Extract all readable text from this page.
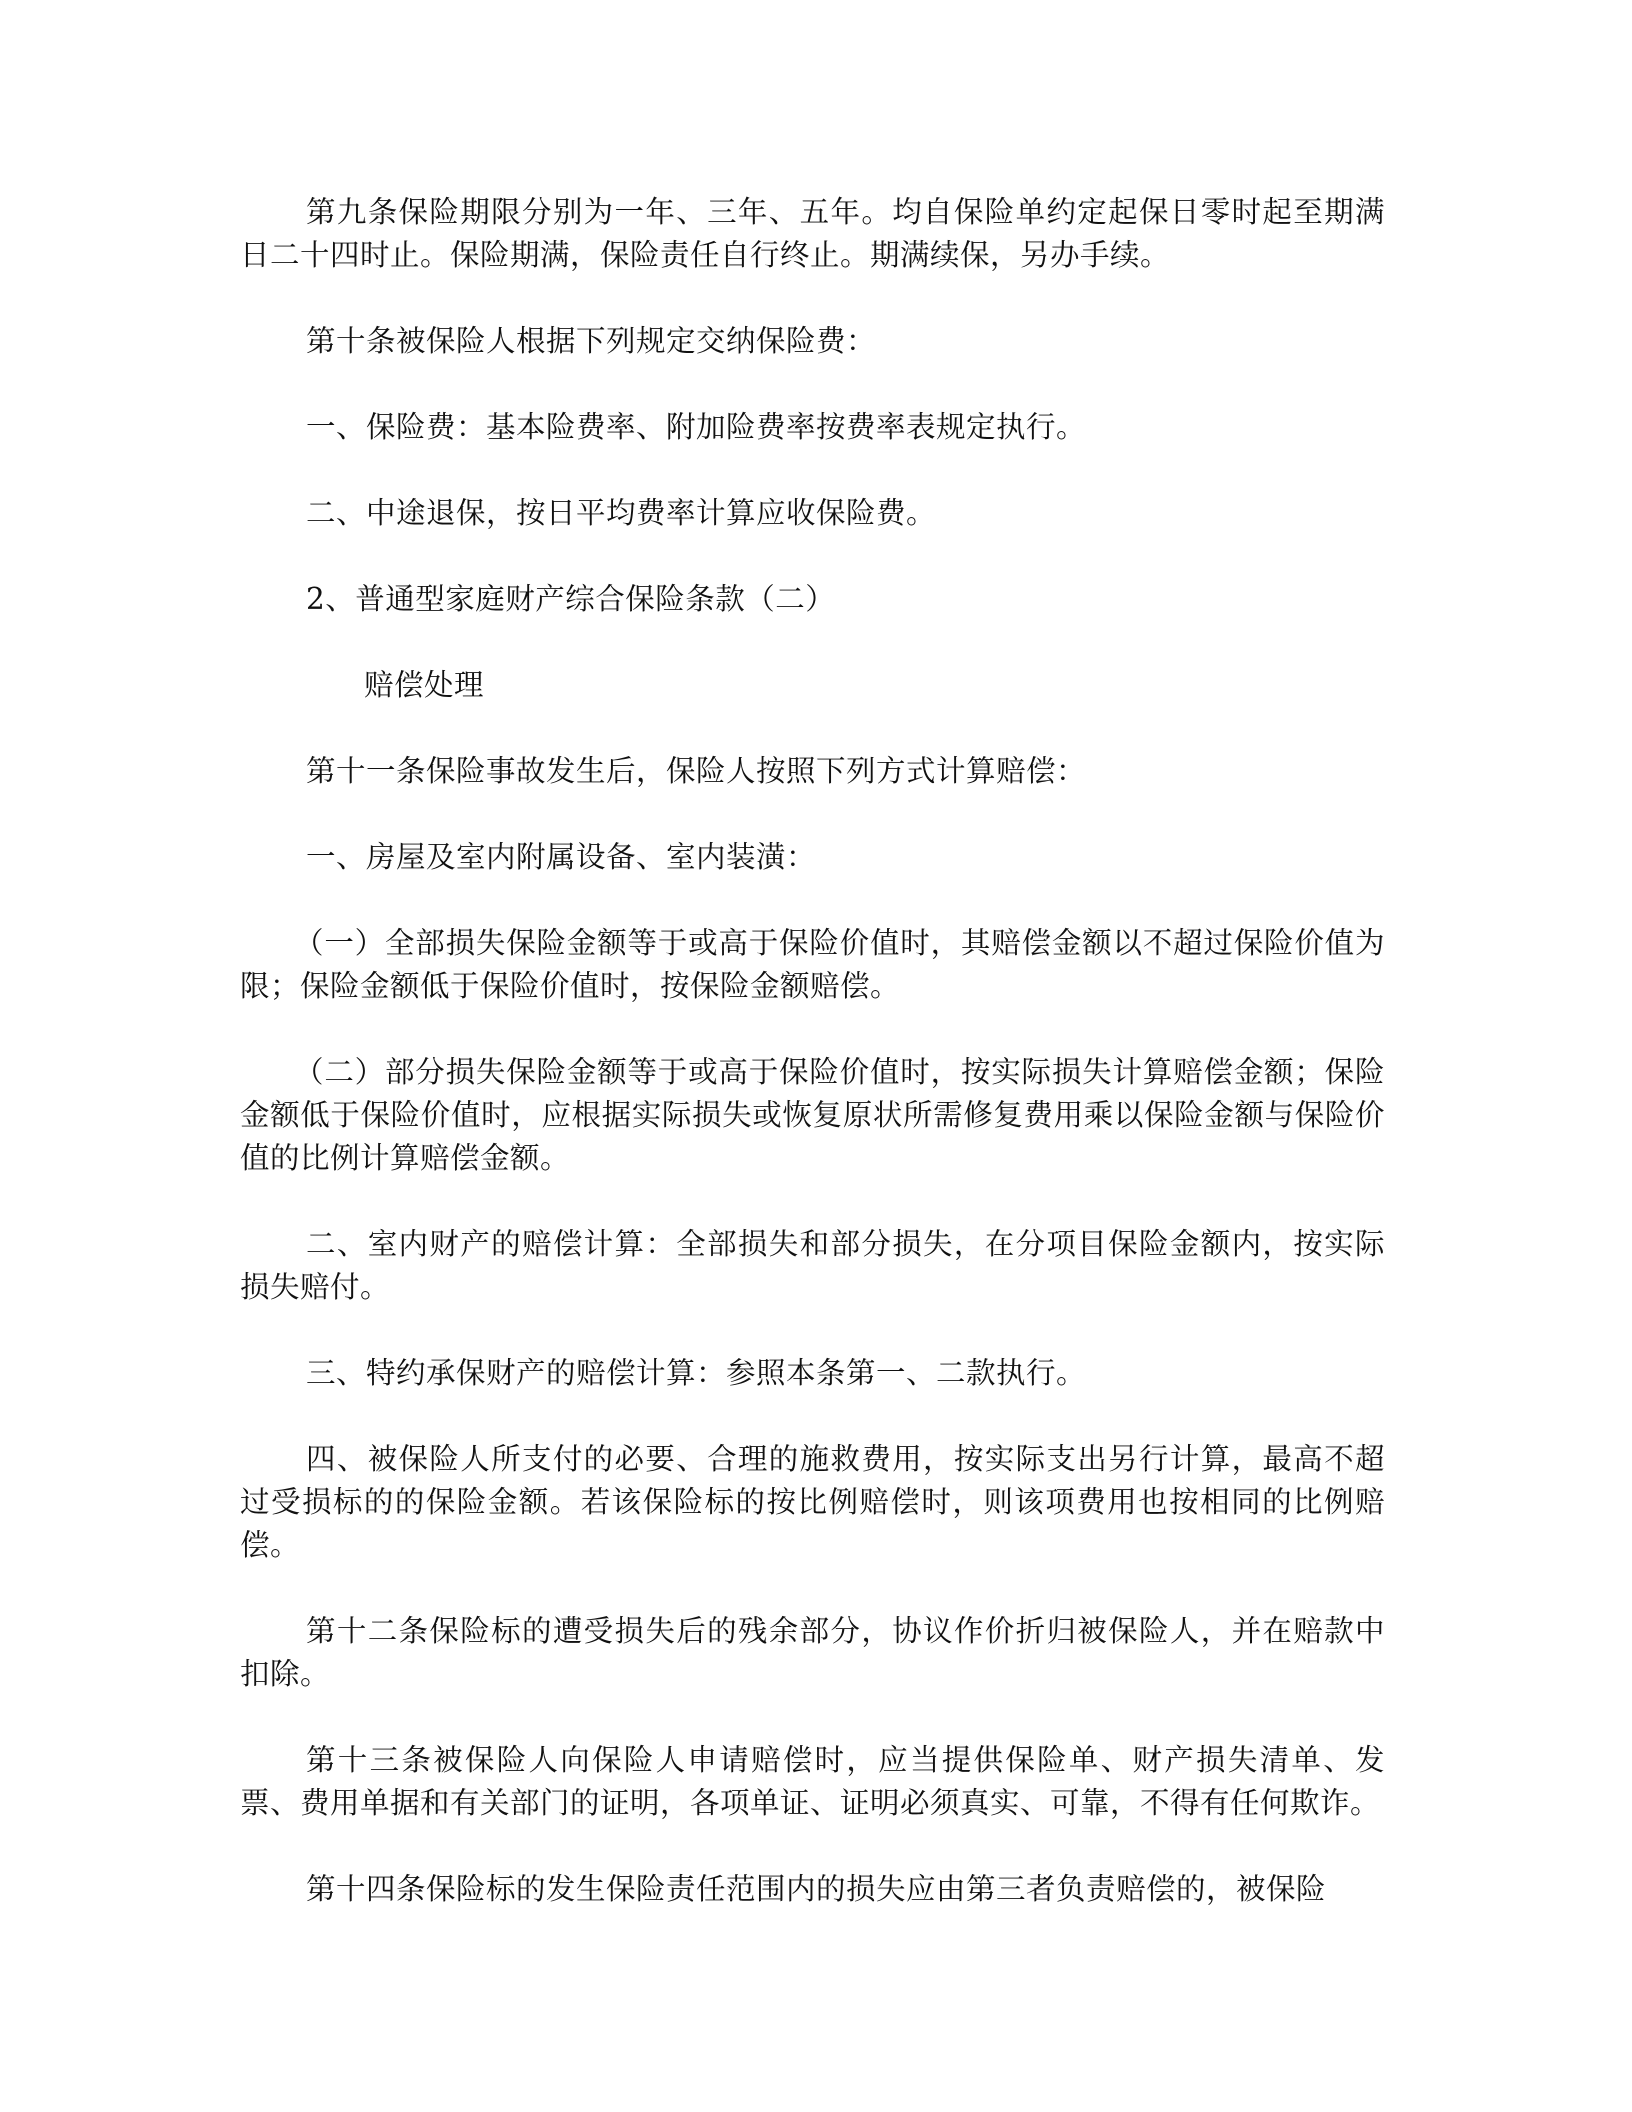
第九条保险期限分别为一年、三年、五年。均自保险单约定起保日零时起至期满日二十四时止。保险期满，保险责任自行终止。期满续保，另办手续。

第十条被保险人根据下列规定交纳保险费：

一、保险费：基本险费率、附加险费率按费率表规定执行。

二、中途退保，按日平均费率计算应收保险费。

2、普通型家庭财产综合保险条款（二）

赔偿处理

第十一条保险事故发生后，保险人按照下列方式计算赔偿：

一、房屋及室内附属设备、室内装潢：

（一）全部损失保险金额等于或高于保险价值时，其赔偿金额以不超过保险价值为限；保险金额低于保险价值时，按保险金额赔偿。

（二）部分损失保险金额等于或高于保险价值时，按实际损失计算赔偿金额；保险金额低于保险价值时，应根据实际损失或恢复原状所需修复费用乘以保险金额与保险价值的比例计算赔偿金额。

二、室内财产的赔偿计算：全部损失和部分损失，在分项目保险金额内，按实际损失赔付。

三、特约承保财产的赔偿计算：参照本条第一、二款执行。

四、被保险人所支付的必要、合理的施救费用，按实际支出另行计算，最高不超过受损标的的保险金额。若该保险标的按比例赔偿时，则该项费用也按相同的比例赔偿。

第十二条保险标的遭受损失后的残余部分，协议作价折归被保险人，并在赔款中扣除。

第十三条被保险人向保险人申请赔偿时，应当提供保险单、财产损失清单、发票、费用单据和有关部门的证明，各项单证、证明必须真实、可靠，不得有任何欺诈。

第十四条保险标的发生保险责任范围内的损失应由第三者负责赔偿的，被保险
